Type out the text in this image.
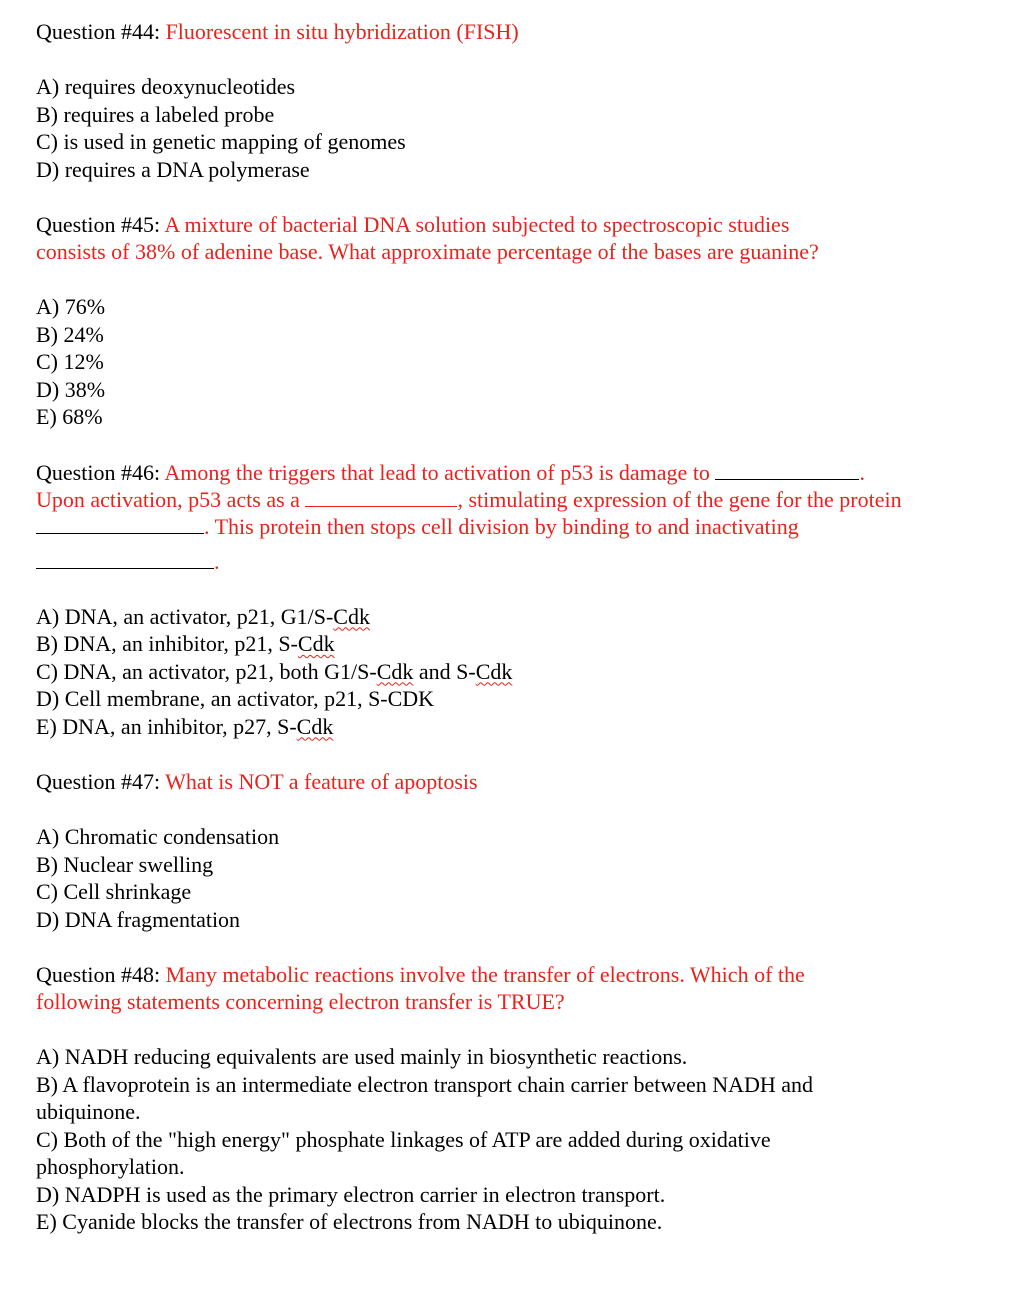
Question #44: Fluorescent in situ hybridization (FISH)

A) requires deoxynucleotides
B) requires a labeled probe
C) is used in genetic mapping of genomes
D) requires a DNA polymerase

Question #45: A mixture of bacterial DNA solution subjected to spectroscopic studies

consists of 38% of adenine base. What approximate percentage of the bases are guanine?

A) 76%
B) 24%
C) 12%
D) 38%
E) 68%

Question #46: Among the triggers that lead to activation of p53 is damage to	.

Upon activation, p53 acts as a	, stimulating expression of the gene for the protein

. This protein then stops cell division by binding to and inactivating

.

A) DNA, an activator, p21, G1/S-Cdk
B) DNA, an inhibitor, p21, S-Cdk
C) DNA, an activator, p21, both G1/S-Cdk and S-Cdk
D) Cell membrane, an activator, p21, S-CDK
E) DNA, an inhibitor, p27, S-Cdk

Question #47: What is NOT a feature of apoptosis

A) Chromatic condensation
B) Nuclear swelling
C) Cell shrinkage
D) DNA fragmentation

Question #48: Many metabolic reactions involve the transfer of electrons. Which of the

following statements concerning electron transfer is TRUE?

A) NADH reducing equivalents are used mainly in biosynthetic reactions.
B) A flavoprotein is an intermediate electron transport chain carrier between NADH and
ubiquinone.
C) Both of the "high energy" phosphate linkages of ATP are added during oxidative
phosphorylation.
D) NADPH is used as the primary electron carrier in electron transport.
E) Cyanide blocks the transfer of electrons from NADH to ubiquinone.
